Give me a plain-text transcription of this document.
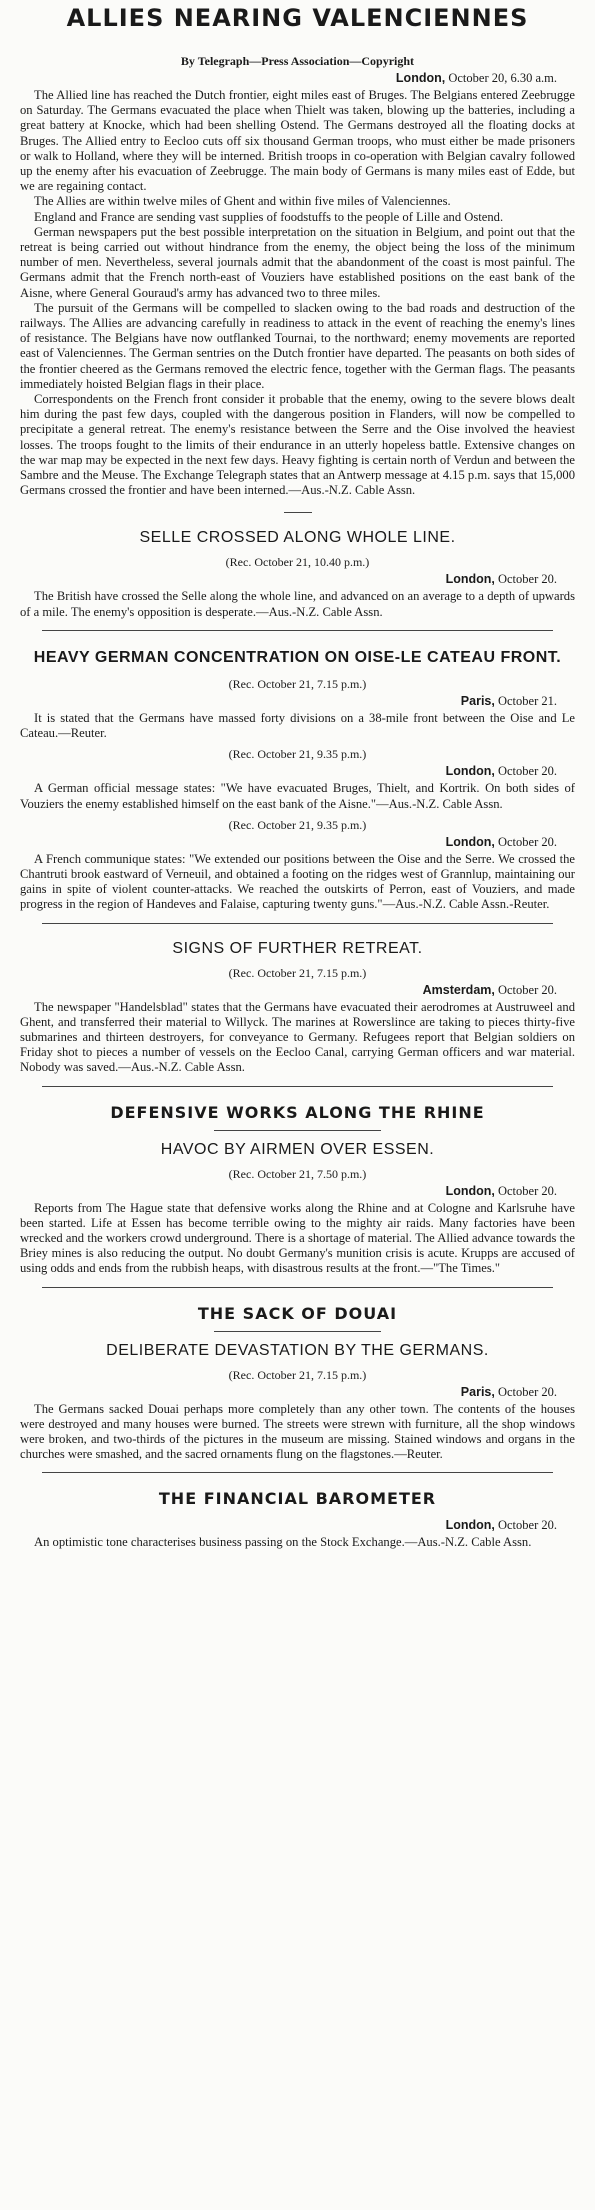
ALLIES NEARING VALENCIENNES
By Telegraph—Press Association—Copyright
London, October 20, 6.30 a.m.

The Allied line has reached the Dutch frontier, eight miles east of Bruges. The Belgians entered Zeebrugge on Saturday. The Germans evacuated the place when Thielt was taken, blowing up the batteries, including a great battery at Knocke, which had been shelling Ostend. The Germans destroyed all the floating docks at Bruges. The Allied entry to Eecloo cuts off six thousand German troops, who must either be made prisoners or walk to Holland, where they will be interned. British troops in co-operation with Belgian cavalry followed up the enemy after his evacuation of Zeebrugge. The main body of Germans is many miles east of Edde, but we are regaining contact.

The Allies are within twelve miles of Ghent and within five miles of Valenciennes.

England and France are sending vast supplies of foodstuffs to the people of Lille and Ostend.

German newspapers put the best possible interpretation on the situation in Belgium, and point out that the retreat is being carried out without hindrance from the enemy, the object being the loss of the minimum number of men. Nevertheless, several journals admit that the abandonment of the coast is most painful. The Germans admit that the French north-east of Vouziers have established positions on the east bank of the Aisne, where General Gouraud's army has advanced two to three miles.

The pursuit of the Germans will be compelled to slacken owing to the bad roads and destruction of the railways. The Allies are advancing carefully in readiness to attack in the event of reaching the enemy's lines of resistance. The Belgians have now outflanked Tournai, to the northward; enemy movements are reported east of Valenciennes. The German sentries on the Dutch frontier have departed. The peasants on both sides of the frontier cheered as the Germans removed the electric fence, together with the German flags. The peasants immediately hoisted Belgian flags in their place.

Correspondents on the French front consider it probable that the enemy, owing to the severe blows dealt him during the past few days, coupled with the dangerous position in Flanders, will now be compelled to precipitate a general retreat. The enemy's resistance between the Serre and the Oise involved the heaviest losses. The troops fought to the limits of their endurance in an utterly hopeless battle. Extensive changes on the war map may be expected in the next few days. Heavy fighting is certain north of Verdun and between the Sambre and the Meuse. The Exchange Telegraph states that an Antwerp message at 4.15 p.m. says that 15,000 Germans crossed the frontier and have been interned.—Aus.-N.Z. Cable Assn.

SELLE CROSSED ALONG WHOLE LINE.
(Rec. October 21, 10.40 p.m.)
London, October 20.

The British have crossed the Selle along the whole line, and advanced on an average to a depth of upwards of a mile. The enemy's opposition is desperate.—Aus.-N.Z. Cable Assn.

HEAVY GERMAN CONCENTRATION ON OISE-LE CATEAU FRONT.
(Rec. October 21, 7.15 p.m.)
Paris, October 21.

It is stated that the Germans have massed forty divisions on a 38-mile front between the Oise and Le Cateau.—Reuter.

(Rec. October 21, 9.35 p.m.)
London, October 20.

A German official message states: "We have evacuated Bruges, Thielt, and Kortrik. On both sides of Vouziers the enemy established himself on the east bank of the Aisne."—Aus.-N.Z. Cable Assn.

(Rec. October 21, 9.35 p.m.)
London, October 20.

A French communique states: "We extended our positions between the Oise and the Serre. We crossed the Chantruti brook eastward of Verneuil, and obtained a footing on the ridges west of Grannlup, maintaining our gains in spite of violent counter-attacks. We reached the outskirts of Perron, east of Vouziers, and made progress in the region of Handeves and Falaise, capturing twenty guns."—Aus.-N.Z. Cable Assn.-Reuter.

SIGNS OF FURTHER RETREAT.
(Rec. October 21, 7.15 p.m.)
Amsterdam, October 20.

The newspaper "Handelsblad" states that the Germans have evacuated their aerodromes at Austruweel and Ghent, and transferred their material to Willyck. The marines at Rowerslince are taking to pieces thirty-five submarines and thirteen destroyers, for conveyance to Germany. Refugees report that Belgian soldiers on Friday shot to pieces a number of vessels on the Eecloo Canal, carrying German officers and war material. Nobody was saved.—Aus.-N.Z. Cable Assn.

DEFENSIVE WORKS ALONG THE RHINE
HAVOC BY AIRMEN OVER ESSEN.
(Rec. October 21, 7.50 p.m.)
London, October 20.

Reports from The Hague state that defensive works along the Rhine and at Cologne and Karlsruhe have been started. Life at Essen has become terrible owing to the mighty air raids. Many factories have been wrecked and the workers crowd underground. There is a shortage of material. The Allied advance towards the Briey mines is also reducing the output. No doubt Germany's munition crisis is acute. Krupps are accused of using odds and ends from the rubbish heaps, with disastrous results at the front.—"The Times."

THE SACK OF DOUAI
DELIBERATE DEVASTATION BY THE GERMANS.
(Rec. October 21, 7.15 p.m.)
Paris, October 20.

The Germans sacked Douai perhaps more completely than any other town. The contents of the houses were destroyed and many houses were burned. The streets were strewn with furniture, all the shop windows were broken, and two-thirds of the pictures in the museum are missing. Stained windows and organs in the churches were smashed, and the sacred ornaments flung on the flagstones.—Reuter.

THE FINANCIAL BAROMETER
London, October 20.

An optimistic tone characterises business passing on the Stock Exchange.—Aus.-N.Z. Cable Assn.
